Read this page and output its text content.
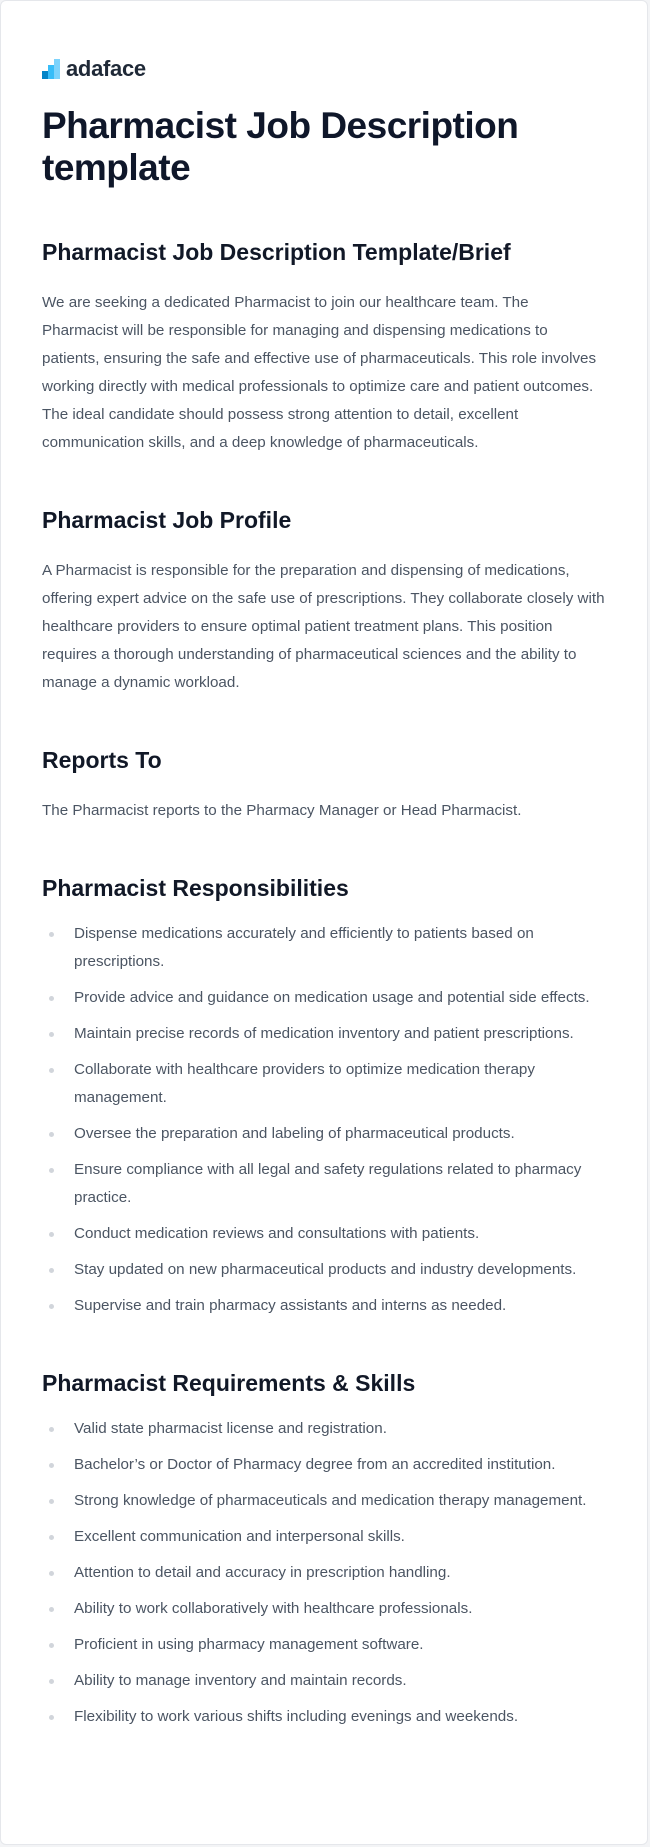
adaface
Pharmacist Job Description template
Pharmacist Job Description Template/Brief

We are seeking a dedicated Pharmacist to join our healthcare team. The Pharmacist will be responsible for managing and dispensing medications to patients, ensuring the safe and effective use of pharmaceuticals. This role involves working directly with medical professionals to optimize care and patient outcomes. The ideal candidate should possess strong attention to detail, excellent communication skills, and a deep knowledge of pharmaceuticals.

Pharmacist Job Profile

A Pharmacist is responsible for the preparation and dispensing of medications, offering expert advice on the safe use of prescriptions. They collaborate closely with healthcare providers to ensure optimal patient treatment plans. This position requires a thorough understanding of pharmaceutical sciences and the ability to manage a dynamic workload.

Reports To

The Pharmacist reports to the Pharmacy Manager or Head Pharmacist.

Pharmacist Responsibilities
Dispense medications accurately and efficiently to patients based on prescriptions.
Provide advice and guidance on medication usage and potential side effects.
Maintain precise records of medication inventory and patient prescriptions.
Collaborate with healthcare providers to optimize medication therapy management.
Oversee the preparation and labeling of pharmaceutical products.
Ensure compliance with all legal and safety regulations related to pharmacy practice.
Conduct medication reviews and consultations with patients.
Stay updated on new pharmaceutical products and industry developments.
Supervise and train pharmacy assistants and interns as needed.
Pharmacist Requirements & Skills
Valid state pharmacist license and registration.
Bachelor’s or Doctor of Pharmacy degree from an accredited institution.
Strong knowledge of pharmaceuticals and medication therapy management.
Excellent communication and interpersonal skills.
Attention to detail and accuracy in prescription handling.
Ability to work collaboratively with healthcare professionals.
Proficient in using pharmacy management software.
Ability to manage inventory and maintain records.
Flexibility to work various shifts including evenings and weekends.
